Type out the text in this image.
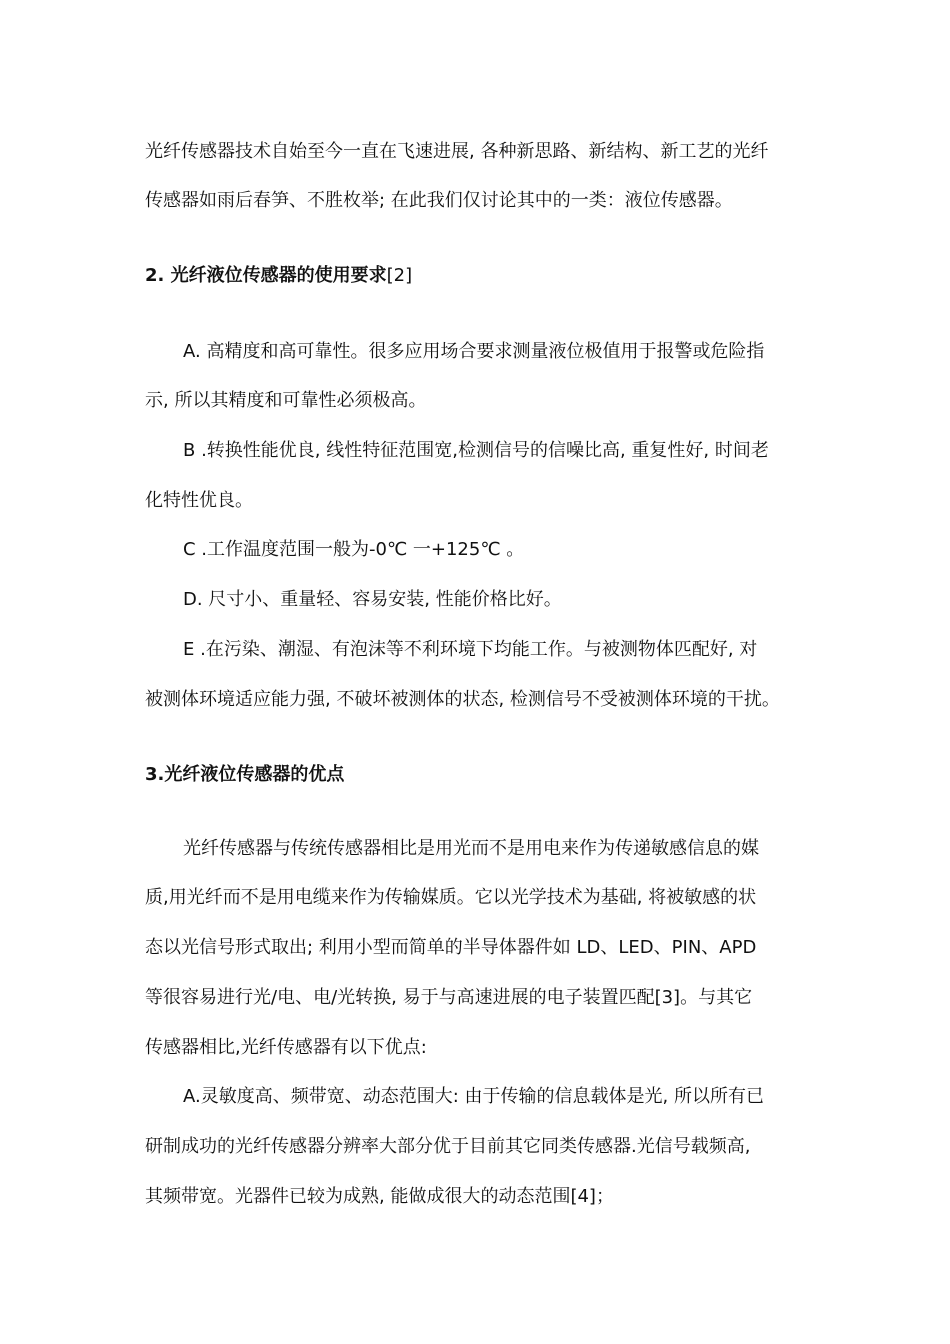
光纤传感器技术自始至今一直在飞速进展, 各种新思路、新结构、新工艺的光纤
传感器如雨后春笋、不胜枚举; 在此我们仅讨论其中的一类：液位传感器。
2. 光纤液位传感器的使用要求[2]
A. 高精度和高可靠性。很多应用场合要求测量液位极值用于报警或危险指
示, 所以其精度和可靠性必须极高。
B .转换性能优良, 线性特征范围宽,检测信号的信噪比高, 重复性好, 时间老
化特性优良。
C .工作温度范围一般为-0℃ 一+125℃ 。
D. 尺寸小、重量轻、容易安装, 性能价格比好。
E .在污染、潮湿、有泡沫等不利环境下均能工作。与被测物体匹配好, 对
被测体环境适应能力强, 不破坏被测体的状态, 检测信号不受被测体环境的干扰。
3.光纤液位传感器的优点
光纤传感器与传统传感器相比是用光而不是用电来作为传递敏感信息的媒
质,用光纤而不是用电缆来作为传输媒质。它以光学技术为基础, 将被敏感的状
态以光信号形式取出; 利用小型而简单的半导体器件如 LD、LED、PIN、APD
等很容易进行光/电、电/光转换, 易于与高速进展的电子装置匹配[3]。与其它
传感器相比,光纤传感器有以下优点:
A.灵敏度高、频带宽、动态范围大: 由于传输的信息载体是光, 所以所有已
研制成功的光纤传感器分辨率大部分优于目前其它同类传感器.光信号载频高,
其频带宽。光器件已较为成熟, 能做成很大的动态范围[4]；
